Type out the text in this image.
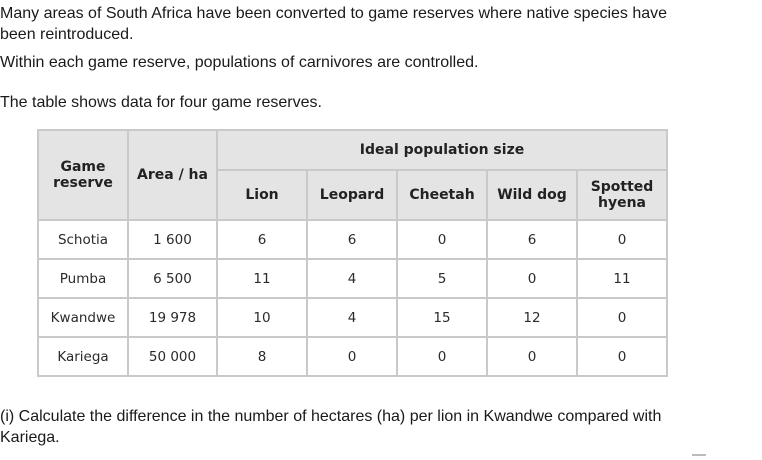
Many areas of South Africa have been converted to game reserves where native species have been reintroduced.

Within each game reserve, populations of carnivores are controlled.

The table shows data for four game reserves.

Game reserve	Area / ha	Ideal population size				
		Lion	Leopard	Cheetah	Wild dog	Spotted hyena
Schotia	1 600	6	6	0	6	0
Pumba	6 500	11	4	5	0	11
Kwandwe	19 978	10	4	15	12	0
Kariega	50 000	8	0	0	0	0

(i) Calculate the difference in the number of hectares (ha) per lion in Kwandwe compared with Kariega.
